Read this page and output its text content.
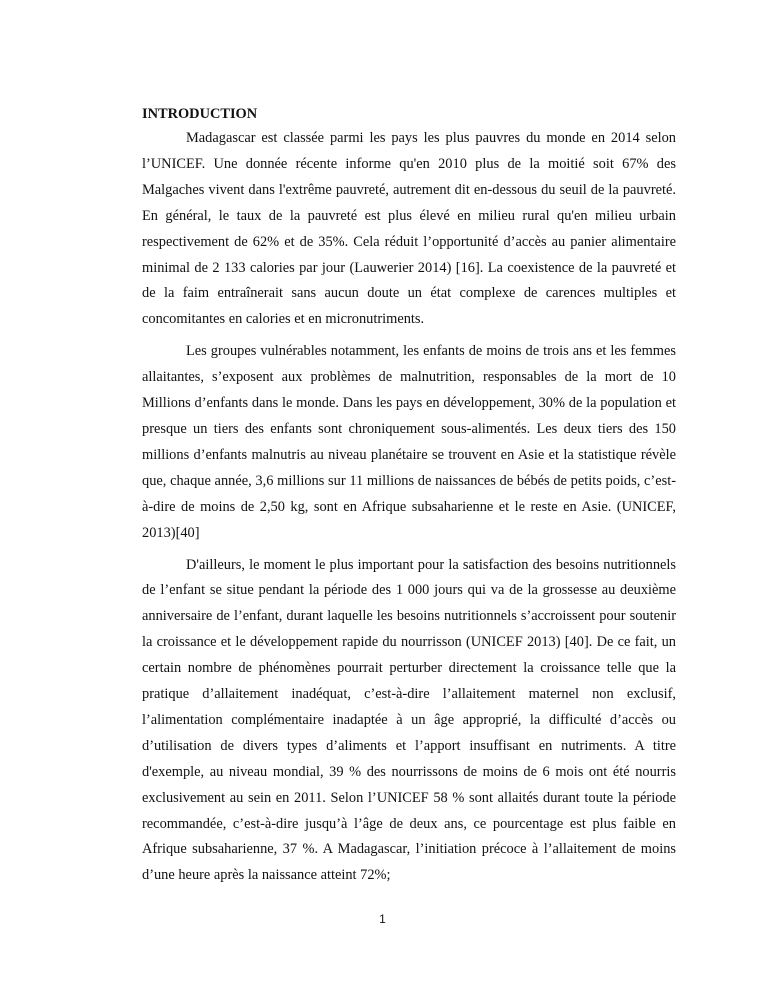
INTRODUCTION

Madagascar est classée parmi les pays les plus pauvres du monde en 2014 selon l’UNICEF. Une donnée récente informe qu'en 2010 plus de la moitié soit 67% des Malgaches vivent dans l'extrême pauvreté, autrement dit en-dessous du seuil de la pauvreté. En général, le taux de la pauvreté est plus élevé en milieu rural qu'en milieu urbain respectivement de 62% et de 35%. Cela réduit l’opportunité d’accès au panier alimentaire minimal de 2 133 calories par jour (Lauwerier 2014) [16]. La coexistence de la pauvreté et de la faim entraînerait sans aucun doute un état complexe de carences multiples et concomitantes en calories et en micronutriments.

Les groupes vulnérables notamment, les enfants de moins de trois ans et les femmes allaitantes, s’exposent aux problèmes de malnutrition, responsables de la mort de 10 Millions d’enfants dans le monde. Dans les pays en développement, 30% de la population et presque un tiers des enfants sont chroniquement sous-alimentés. Les deux tiers des 150 millions d’enfants malnutris au niveau planétaire se trouvent en Asie et la statistique révèle que, chaque année, 3,6 millions sur 11 millions de naissances de bébés de petits poids, c’est-à-dire de moins de 2,50 kg, sont en Afrique subsaharienne et le reste en Asie. (UNICEF, 2013)[40]

D'ailleurs, le moment le plus important pour la satisfaction des besoins nutritionnels de l’enfant se situe pendant la période des 1 000 jours qui va de la grossesse au deuxième anniversaire de l’enfant, durant laquelle les besoins nutritionnels s’accroissent pour soutenir la croissance et le développement rapide du nourrisson (UNICEF 2013) [40]. De ce fait, un certain nombre de phénomènes pourrait perturber directement la croissance telle que la pratique d’allaitement inadéquat, c’est-à-dire l’allaitement maternel non exclusif, l’alimentation complémentaire inadaptée à un âge approprié, la difficulté d’accès ou d’utilisation de divers types d’aliments et l’apport insuffisant en nutriments. A titre d'exemple, au niveau mondial, 39 % des nourrissons de moins de 6 mois ont été nourris exclusivement au sein en 2011. Selon l’UNICEF 58 % sont allaités durant toute la période recommandée, c’est-à-dire jusqu’à l’âge de deux ans, ce pourcentage est plus faible en Afrique subsaharienne, 37 %. A Madagascar, l’initiation précoce à l’allaitement de moins d’une heure après la naissance atteint 72%;

1
